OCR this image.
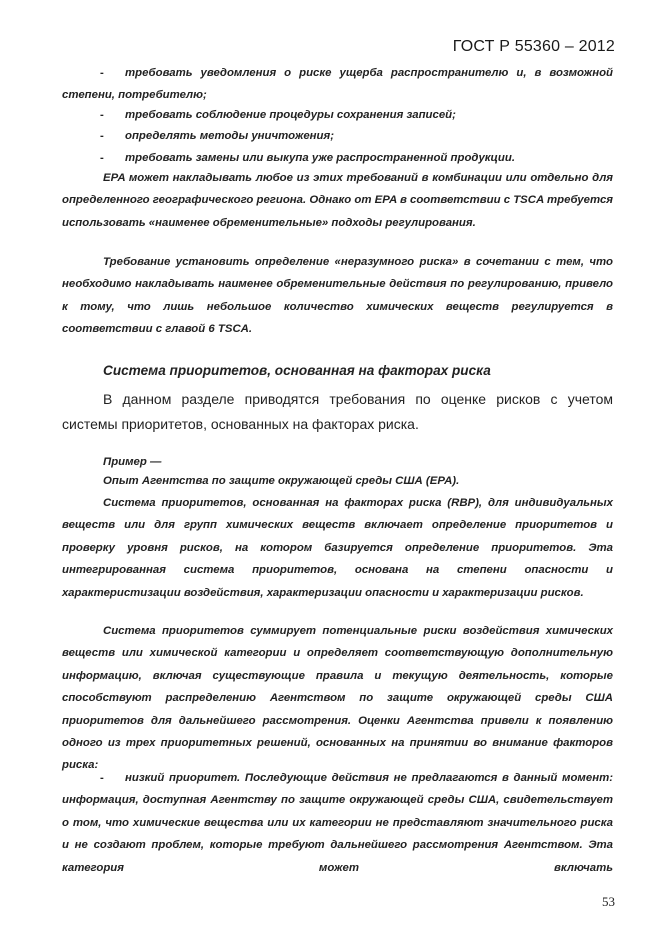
ГОСТ Р 55360 – 2012
-	требовать уведомления о риске ущерба распространителю и, в возможной степени, потребителю;
-	требовать соблюдение процедуры сохранения записей;
-	определять методы уничтожения;
-	требовать замены или выкупа уже распространенной продукции.
EPA может накладывать любое из этих требований в комбинации или отдельно для определенного географического региона. Однако от EPA в соответствии с TSCA требуется использовать «наименее обременительные» подходы регулирования.
Требование установить определение «неразумного риска» в сочетании с тем, что необходимо накладывать наименее обременительные действия по регулированию, привело к тому, что лишь небольшое количество химических веществ регулируется в соответствии с главой 6 TSCA.
Система приоритетов, основанная на факторах риска
В данном разделе приводятся требования по оценке рисков с учетом системы приоритетов, основанных на факторах риска.
Пример —
Опыт Агентства по защите окружающей среды США (EPA).
Система приоритетов, основанная на факторах риска (RBP), для индивидуальных веществ или для групп химических веществ включает определение приоритетов и проверку уровня рисков, на котором базируется определение приоритетов. Эта интегрированная система приоритетов, основана на степени опасности и характеристизации воздействия, характеризации опасности и характеризации рисков.
Система приоритетов суммирует потенциальные риски воздействия химических веществ или химической категории и определяет соответствующую дополнительную информацию, включая существующие правила и текущую деятельность, которые способствуют распределению Агентством по защите окружающей среды США приоритетов для дальнейшего рассмотрения. Оценки Агентства привели к появлению одного из трех приоритетных решений, основанных на принятии во внимание факторов риска:
-	низкий приоритет. Последующие действия не предлагаются в данный момент: информация, доступная Агентству по защите окружающей среды США, свидетельствует о том, что химические вещества или их категории не представляют значительного риска и не создают проблем, которые требуют дальнейшего рассмотрения Агентством. Эта категория может включать
53
